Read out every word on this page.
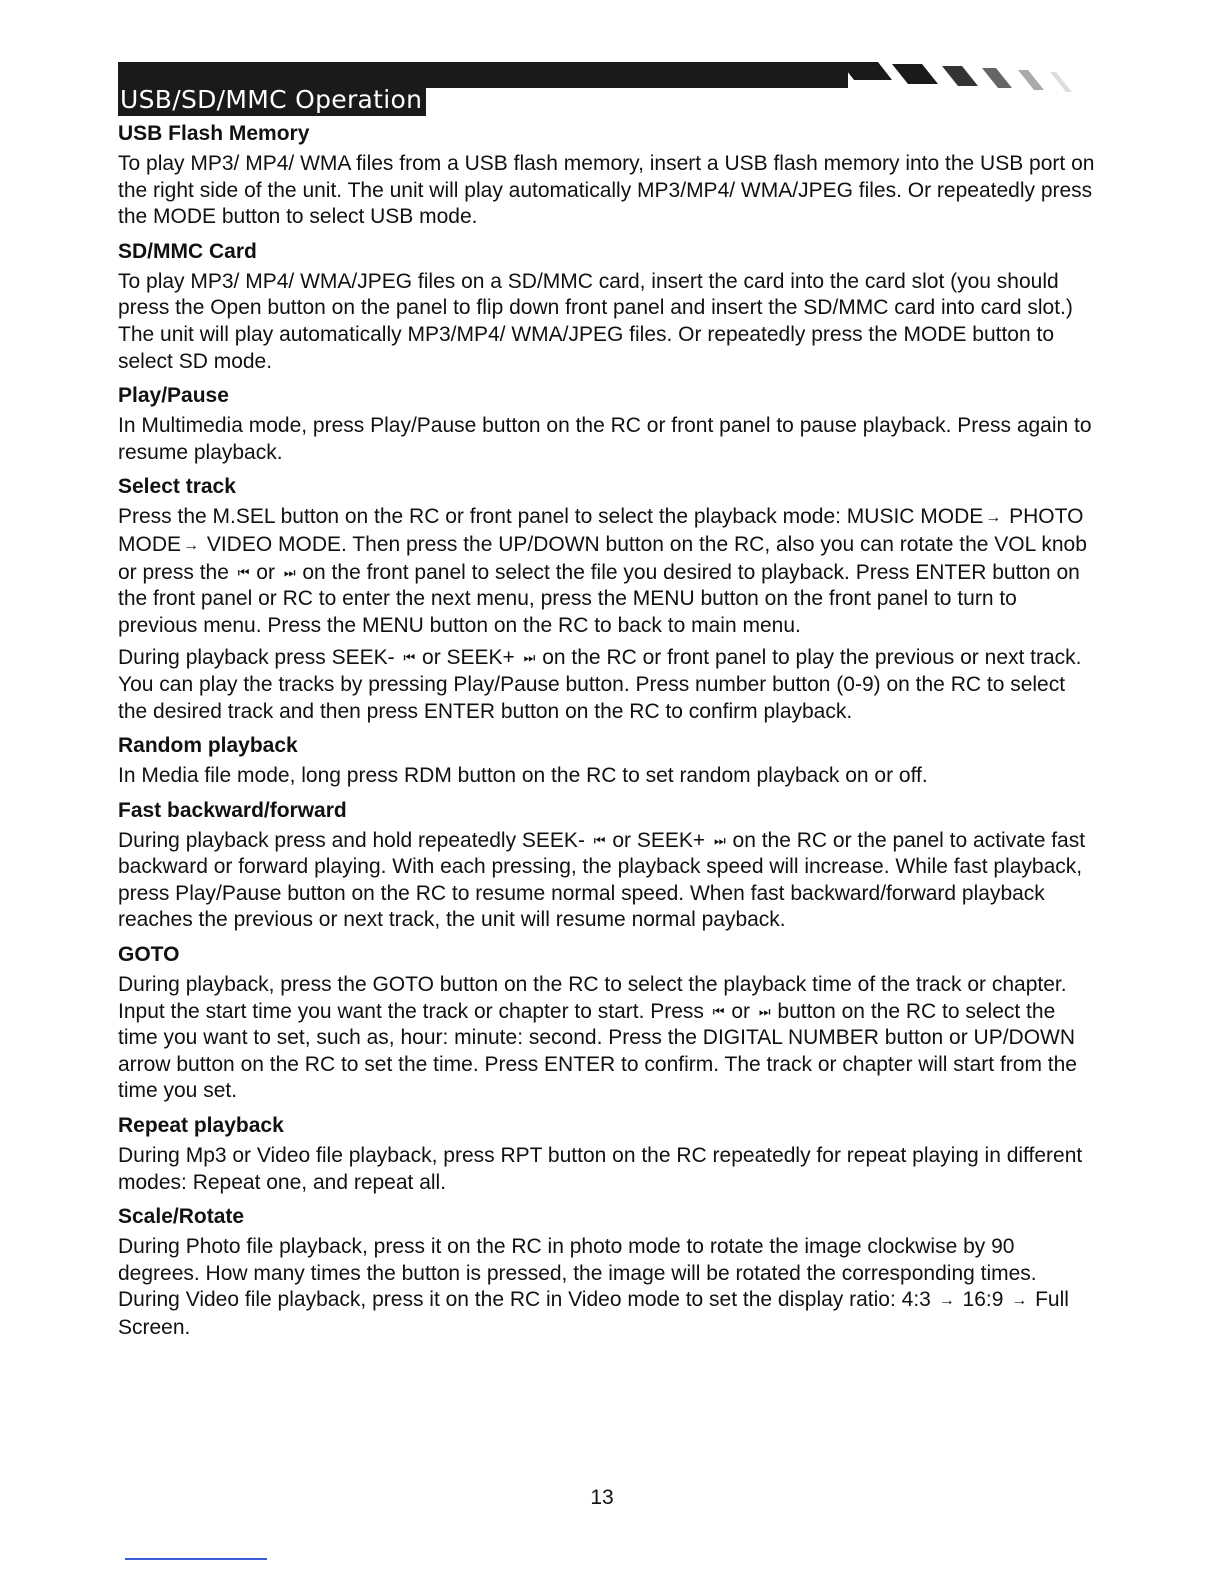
USB/SD/MMC Operation
USB Flash Memory

To play MP3/ MP4/ WMA files from a USB flash memory, insert a USB flash memory into the USB port on the right side of the unit. The unit will play automatically MP3/MP4/ WMA/JPEG files. Or repeatedly press the MODE button to select USB mode.

SD/MMC Card

To play MP3/ MP4/ WMA/JPEG files on a SD/MMC card, insert the card into the card slot (you should press the Open button on the panel to flip down front panel and insert the SD/MMC card into card slot.) The unit will play automatically MP3/MP4/ WMA/JPEG files. Or repeatedly press the MODE button to select SD mode.

Play/Pause

In Multimedia mode, press Play/Pause button on the RC or front panel to pause playback. Press again to resume playback.

Select track

Press the M.SEL button on the RC or front panel to select the playback mode: MUSIC MODE → PHOTO MODE → VIDEO MODE. Then press the UP/DOWN button on the RC, also you can rotate the VOL knob or press the ⏮ or ⏭ on the front panel to select the file you desired to playback. Press ENTER button on the front panel or RC to enter the next menu, press the MENU button on the front panel to turn to previous menu. Press the MENU button on the RC to back to main menu.

During playback press SEEK- ⏮ or SEEK+ ⏭ on the RC or front panel to play the previous or next track. You can play the tracks by pressing Play/Pause button. Press number button (0-9) on the RC to select the desired track and then press ENTER button on the RC to confirm playback.

Random playback

In Media file mode, long press RDM button on the RC to set random playback on or off.

Fast backward/forward

During playback press and hold repeatedly SEEK- ⏮ or SEEK+ ⏭ on the RC or the panel to activate fast backward or forward playing. With each pressing, the playback speed will increase. While fast playback, press Play/Pause button on the RC to resume normal speed. When fast backward/forward playback reaches the previous or next track, the unit will resume normal payback.

GOTO

During playback, press the GOTO button on the RC to select the playback time of the track or chapter. Input the start time you want the track or chapter to start. Press ⏮ or ⏭ button on the RC to select the time you want to set, such as, hour: minute: second. Press the DIGITAL NUMBER button or UP/DOWN arrow button on the RC to set the time. Press ENTER to confirm. The track or chapter will start from the time you set.

Repeat playback

During Mp3 or Video file playback, press RPT button on the RC repeatedly for repeat playing in different modes: Repeat one, and repeat all.

Scale/Rotate

During Photo file playback, press it on the RC in photo mode to rotate the image clockwise by 90 degrees. How many times the button is pressed, the image will be rotated the corresponding times.

During Video file playback, press it on the RC in Video mode to set the display ratio: 4:3 → 16:9 → Full Screen.

13
